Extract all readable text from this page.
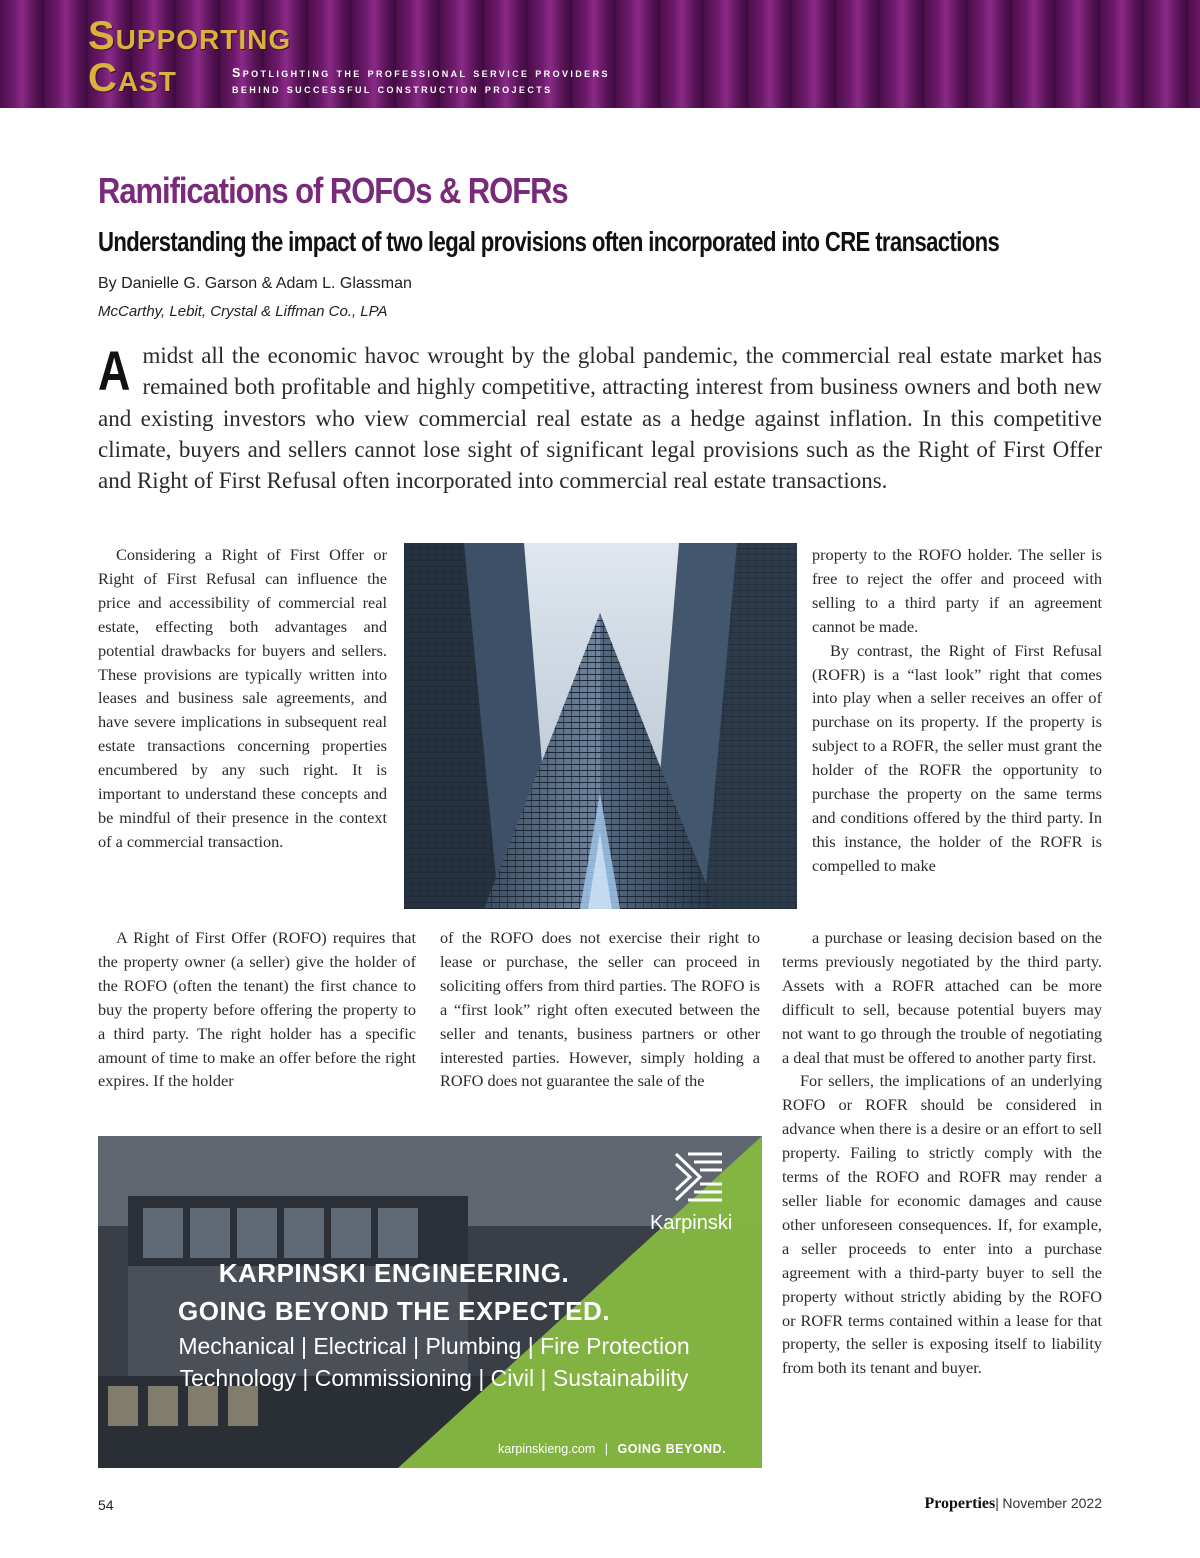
Supporting
Cast	Spotlighting the professional service providers
behind successful construction projects
Ramifications of ROFOs & ROFRs
Understanding the impact of two legal provisions often incorporated into CRE transactions
By Danielle G. Garson & Adam L. Glassman
McCarthy, Lebit, Crystal & Liffman Co., LPA
Amidst all the economic havoc wrought by the global pandemic, the commercial real estate market has remained both profitable and highly competitive, attracting interest from business owners and both new and existing investors who view commercial real estate as a hedge against inflation. In this competitive climate, buyers and sellers cannot lose sight of significant legal provisions such as the Right of First Offer and Right of First Refusal often incorporated into commercial real estate transactions.

Considering a Right of First Offer or Right of First Refusal can influence the price and accessibility of commercial real estate, effecting both advantages and potential drawbacks for buyers and sellers. These provisions are typically written into leases and business sale agreements, and have severe implications in subsequent real estate transactions concerning properties encumbered by any such right. It is important to understand these concepts and be mindful of their presence in the context of a commercial transaction.

A Right of First Offer (ROFO) requires that the property owner (a seller) give the holder of the ROFO (often the tenant) the first chance to buy the property before offering the property to a third party. The right holder has a specific amount of time to make an offer before the right expires. If the holder

of the ROFO does not exercise their right to lease or purchase, the seller can proceed in soliciting offers from third parties. The ROFO is a “first look” right often executed between the seller and tenants, business partners or other interested parties. However, simply holding a ROFO does not guarantee the sale of the

property to the ROFO holder. The seller is free to reject the offer and proceed with selling to a third party if an agreement cannot be made.

By contrast, the Right of First Refusal (ROFR) is a “last look” right that comes into play when a seller receives an offer of purchase on its property. If the property is subject to a ROFR, the seller must grant the holder of the ROFR the opportunity to purchase the property on the same terms and conditions offered by the third party. In this instance, the holder of the ROFR is compelled to make

a purchase or leasing decision based on the terms previously negotiated by the third party. Assets with a ROFR attached can be more difficult to sell, because potential buyers may not want to go through the trouble of negotiating a deal that must be offered to another party first.

For sellers, the implications of an underlying ROFO or ROFR should be considered in advance when there is a desire or an effort to sell property. Failing to strictly comply with the terms of the ROFO and ROFR may render a seller liable for economic damages and cause other unforeseen consequences. If, for example, a seller proceeds to enter into a purchase agreement with a third-party buyer to sell the property without strictly abiding by the ROFO or ROFR terms contained within a lease for that property, the seller is exposing itself to liability from both its tenant and buyer.

Karpinski
KARPINSKI ENGINEERING.
GOING BEYOND THE EXPECTED.
Mechanical | Electrical | Plumbing | Fire Protection
Technology | Commissioning | Civil | Sustainability
karpinskieng.com | GOING BEYOND.
54	Properties| November 2022
